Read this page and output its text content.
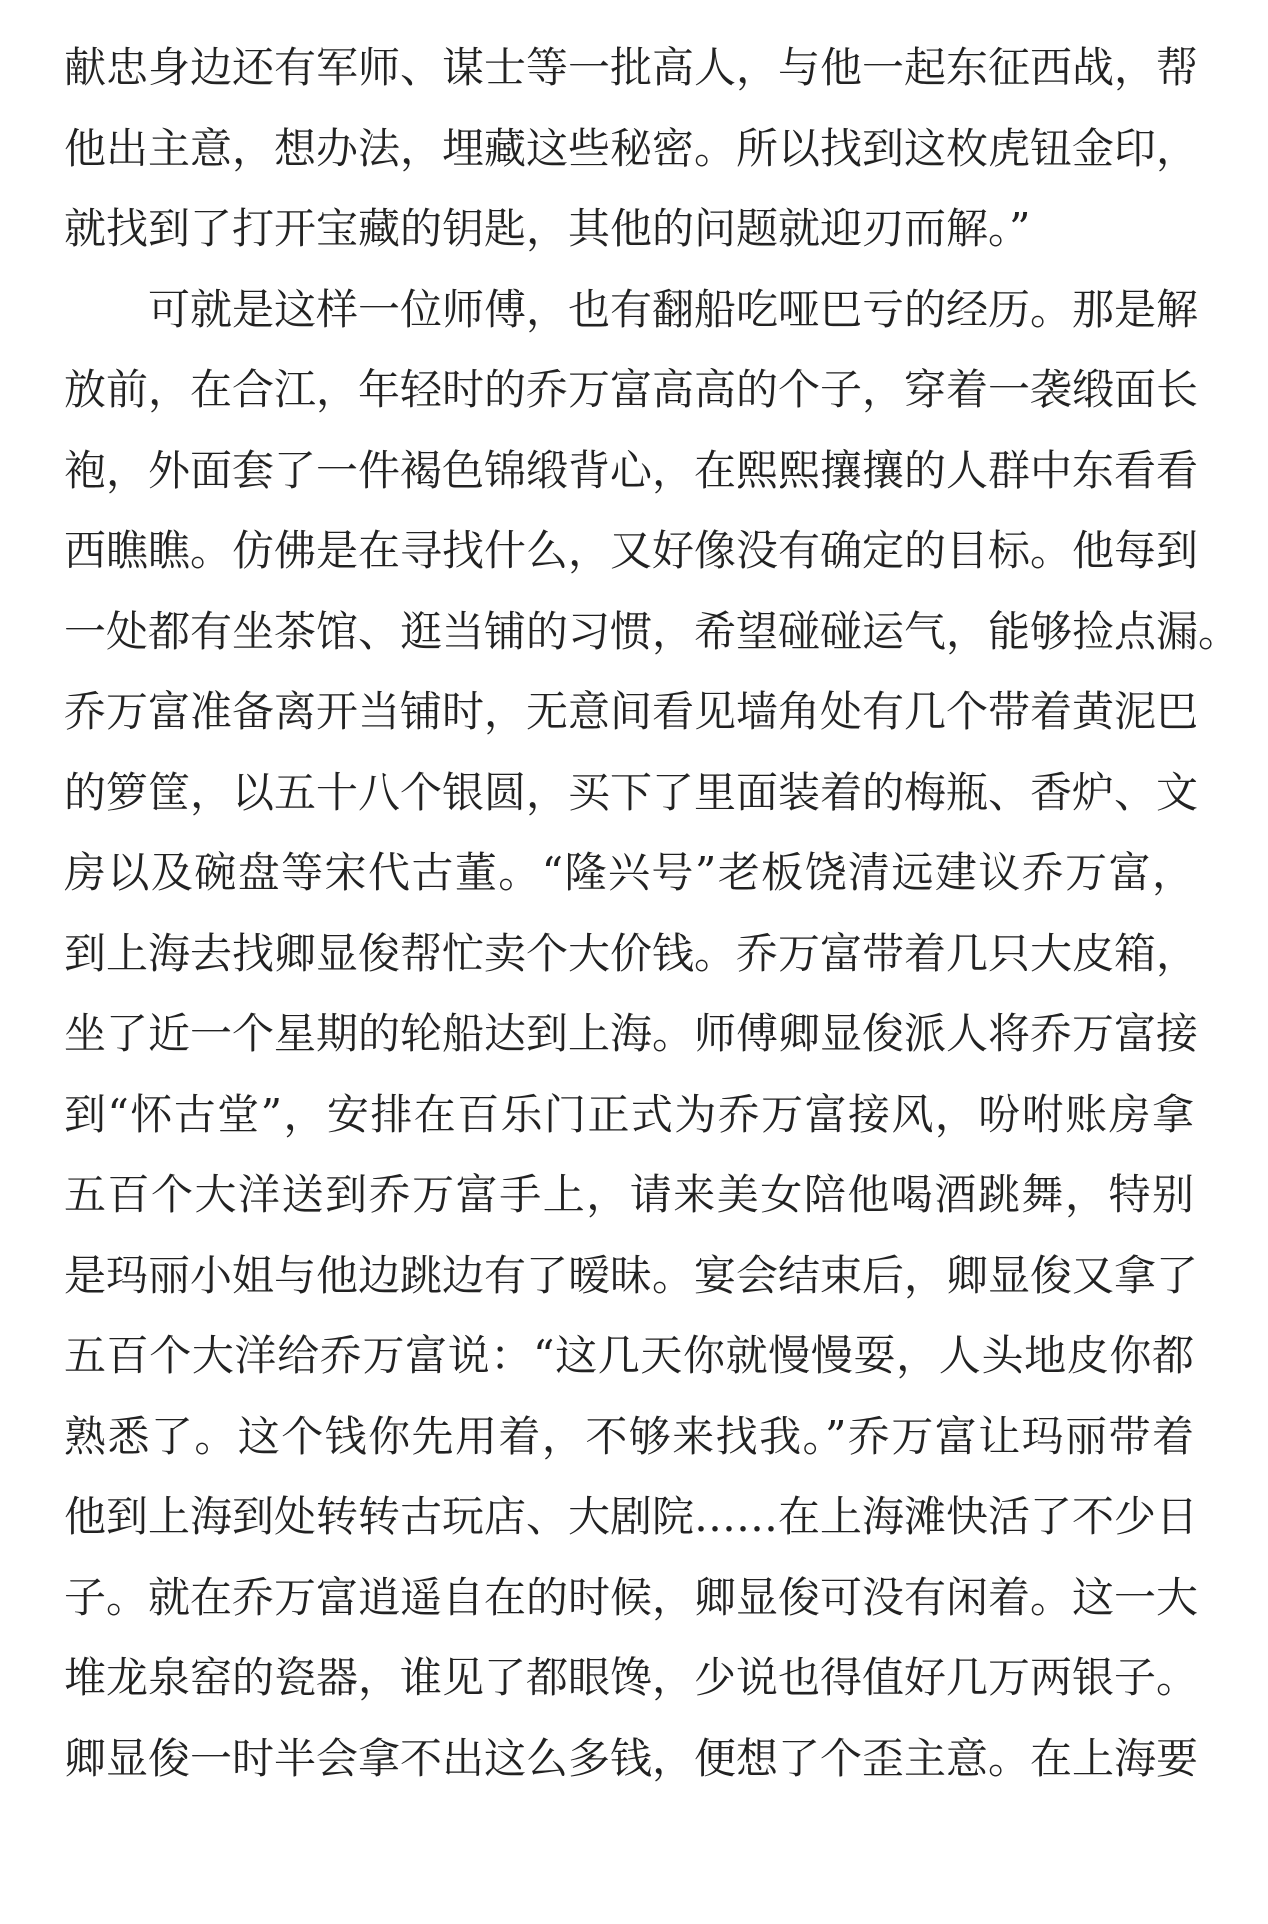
献忠身边还有军师、谋士等一批高人，与他一起东征西战，帮
他出主意，想办法，埋藏这些秘密。所以找到这枚虎钮金印，
就找到了打开宝藏的钥匙，其他的问题就迎刃而解。”
可就是这样一位师傅，也有翻船吃哑巴亏的经历。那是解
放前，在合江，年轻时的乔万富高高的个子，穿着一袭缎面长
袍，外面套了一件褐色锦缎背心，在熙熙攘攘的人群中东看看
西瞧瞧。仿佛是在寻找什么，又好像没有确定的目标。他每到
一处都有坐茶馆、逛当铺的习惯，希望碰碰运气，能够捡点漏。
乔万富准备离开当铺时，无意间看见墙角处有几个带着黄泥巴
的箩筐，以五十八个银圆，买下了里面装着的梅瓶、香炉、文
房以及碗盘等宋代古董。“隆兴号”老板饶清远建议乔万富，
到上海去找卿显俊帮忙卖个大价钱。乔万富带着几只大皮箱，
坐了近一个星期的轮船达到上海。师傅卿显俊派人将乔万富接
到“怀古堂”，安排在百乐门正式为乔万富接风，吩咐账房拿
五百个大洋送到乔万富手上，请来美女陪他喝酒跳舞，特别
是玛丽小姐与他边跳边有了暧昧。宴会结束后，卿显俊又拿了
五百个大洋给乔万富说：“这几天你就慢慢耍，人头地皮你都
熟悉了。这个钱你先用着，不够来找我。”乔万富让玛丽带着
他到上海到处转转古玩店、大剧院……在上海滩快活了不少日
子。就在乔万富逍遥自在的时候，卿显俊可没有闲着。这一大
堆龙泉窑的瓷器，谁见了都眼馋，少说也得值好几万两银子。
卿显俊一时半会拿不出这么多钱，便想了个歪主意。在上海要
